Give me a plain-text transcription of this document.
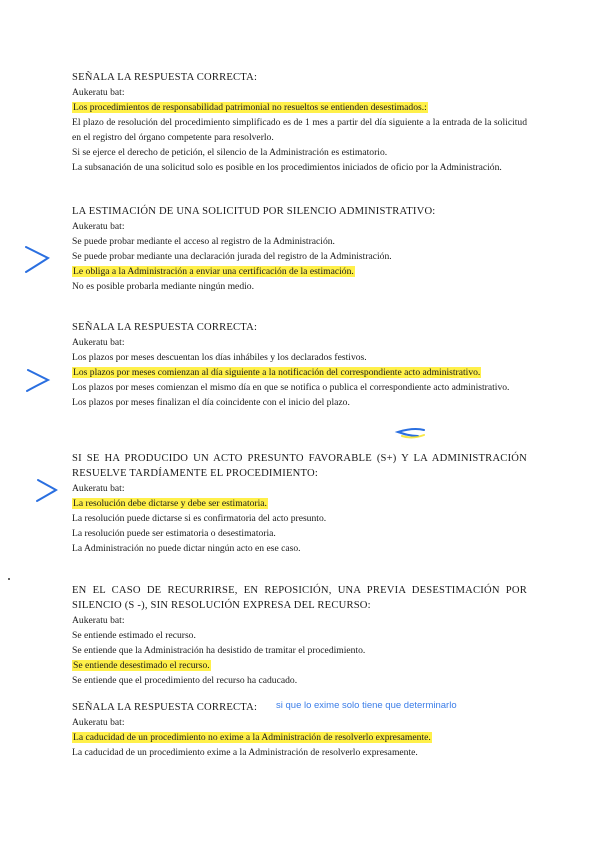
SEÑALA LA RESPUESTA CORRECTA:

Aukeratu bat:

Los procedimientos de responsabilidad patrimonial no resueltos se entienden desestimados.:

El plazo de resolución del procedimiento simplificado es de 1 mes a partir del día siguiente a la entrada de la solicitud en el registro del órgano competente para resolverlo.

Si se ejerce el derecho de petición, el silencio de la Administración es estimatorio.

La subsanación de una solicitud solo es posible en los procedimientos iniciados de oficio por la Administración.

LA ESTIMACIÓN DE UNA SOLICITUD POR SILENCIO ADMINISTRATIVO:

Aukeratu bat:

Se puede probar mediante el acceso al registro de la Administración.

Se puede probar mediante una declaración jurada del registro de la Administración.

Le obliga a la Administración a enviar una certificación de la estimación.

No es posible probarla mediante ningún medio.

SEÑALA LA RESPUESTA CORRECTA:

Aukeratu bat:

Los plazos por meses descuentan los días inhábiles y los declarados festivos.

Los plazos por meses comienzan al día siguiente a la notificación del correspondiente acto administrativo.

Los plazos por meses comienzan el mismo día en que se notifica o publica el correspondiente acto administrativo.

Los plazos por meses finalizan el día coincidente con el inicio del plazo.

SI SE HA PRODUCIDO UN ACTO PRESUNTO FAVORABLE (S+) Y LA ADMINISTRACIÓN RESUELVE TARDÍAMENTE EL PROCEDIMIENTO:

Aukeratu bat:

La resolución debe dictarse y debe ser estimatoria.

La resolución puede dictarse si es confirmatoria del acto presunto.

La resolución puede ser estimatoria o desestimatoria.

La Administración no puede dictar ningún acto en ese caso.

EN EL CASO DE RECURRIRSE, EN REPOSICIÓN, UNA PREVIA DESESTIMACIÓN POR SILENCIO (S -), SIN RESOLUCIÓN EXPRESA DEL RECURSO:

Aukeratu bat:

Se entiende estimado el recurso.

Se entiende que la Administración ha desistido de tramitar el procedimiento.

Se entiende desestimado el recurso.

Se entiende que el procedimiento del recurso ha caducado.

SEÑALA LA RESPUESTA CORRECTA:

Aukeratu bat:

La caducidad de un procedimiento no exime a la Administración de resolverlo expresamente.

La caducidad de un procedimiento exime a la Administración de resolverlo expresamente.

si que lo exime solo tiene que determinarlo
